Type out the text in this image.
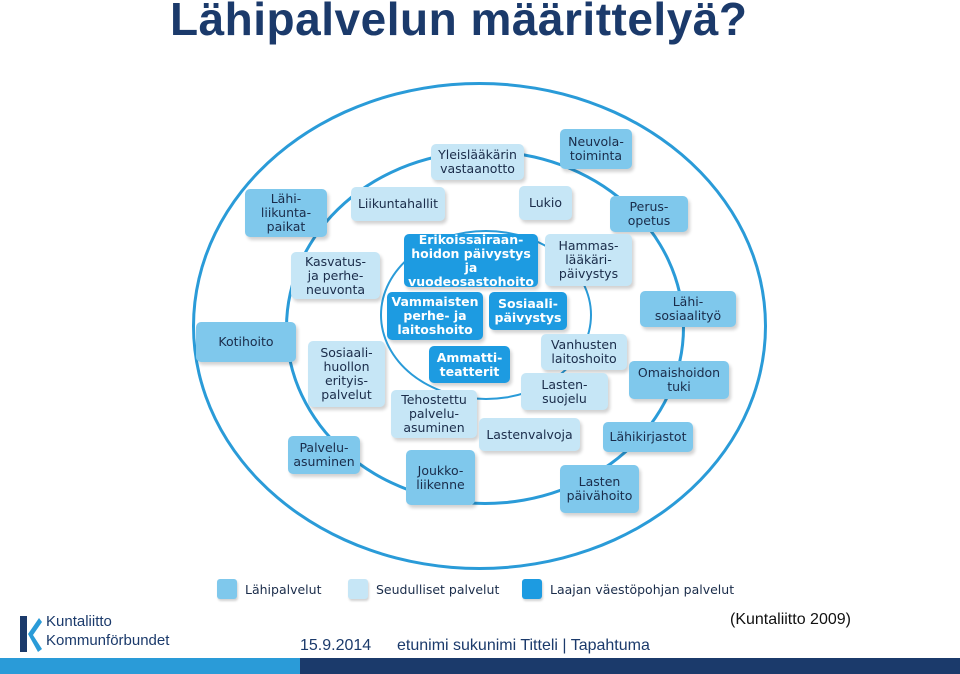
Lähipalvelun määrittelyä?
Yleislääkärin
vastaanotto
Neuvola-
toiminta
Lähi-
liikunta-
paikat
Liikuntahallit	Lukio	Perus-
opetus
Kasvatus-
ja perhe-
neuvonta
Erikoissairaan-
hoidon päivystys ja
vuodeosastohoito
Hammas-
lääkäri-
päivystys
Lähi-
sosiaalityö
Kotihoito
Vammaisten
perhe- ja
laitoshoito
Sosiaali-
päivystys
Sosiaali-
huollon
erityis-
palvelut
Ammatti-
teatterit
Vanhusten
laitoshoito
Omaishoidon
tuki
Lasten-
suojelu
Tehostettu
palvelu-
asuminen	Lastenvalvoja	Lähikirjastot
Palvelu-
asuminen
Joukko-
liikenne	Lasten
päivähoito
Lähipalvelut	Seudulliset palvelut	Laajan väestöpohjan palvelut
Kuntaliitto
Kommunförbundet
(Kuntaliitto 2009)
15.9.2014 etunimi sukunimi Titteli | Tapahtuma
